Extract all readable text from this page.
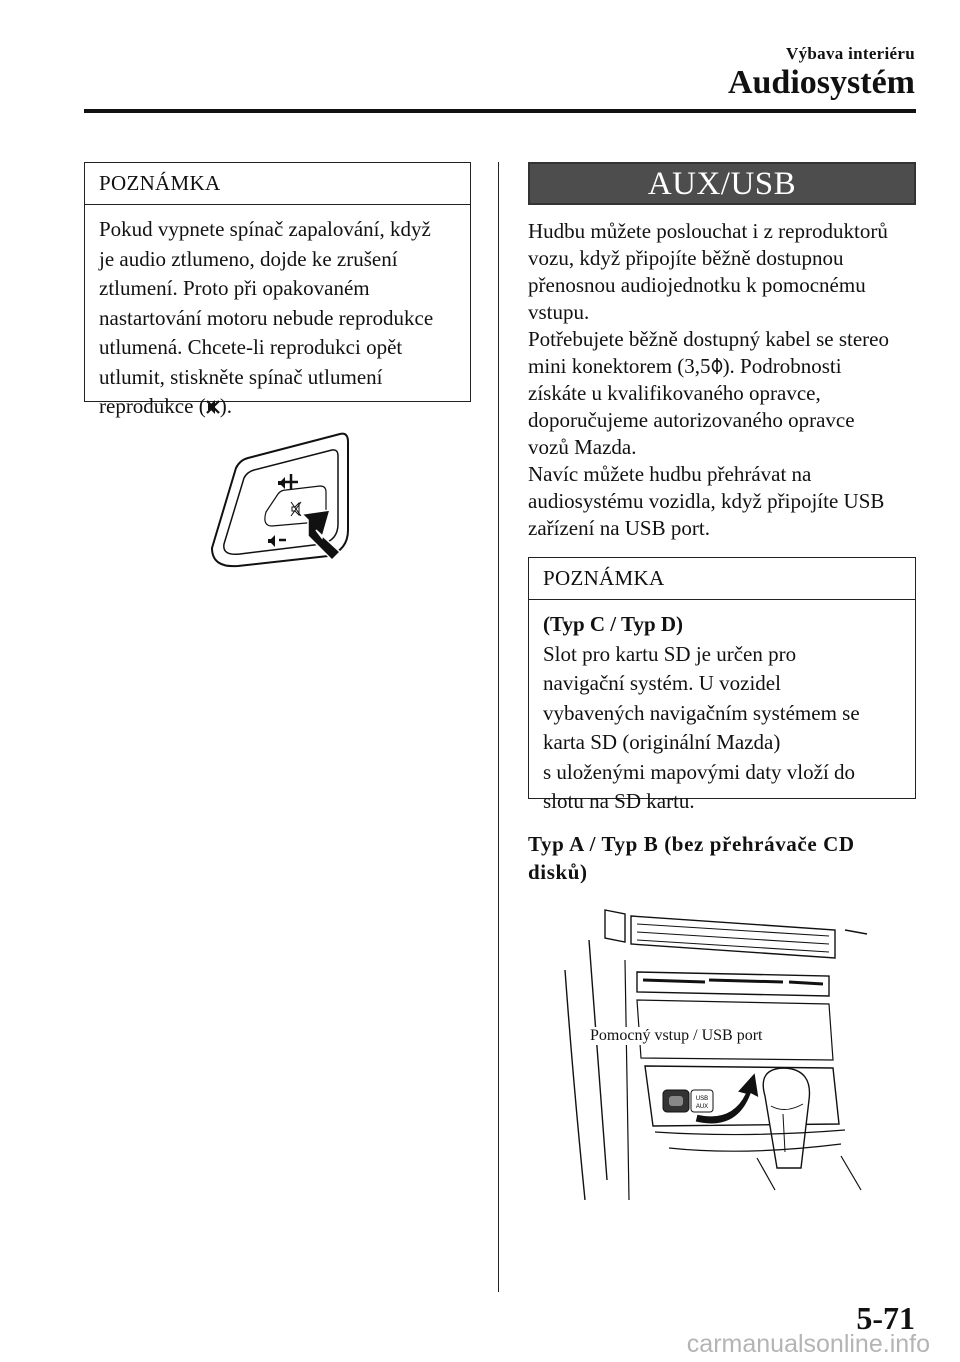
Výbava interiéru
Audiosystém
POZNÁMKA

Pokud vypnete spínač zapalování, když

je audio ztlumeno, dojde ke zrušení

ztlumení. Proto při opakovaném

nastartování motoru nebude reprodukce

utlumená. Chcete-li reprodukci opět

utlumit, stiskněte spínač utlumení

reprodukce ( ).

AUX/USB

Hudbu můžete poslouchat i z reproduktorů

vozu, když připojíte běžně dostupnou

přenosnou audiojednotku k pomocnému

vstupu.

Potřebujete běžně dostupný kabel se stereo

mini konektorem (3,5 ). Podrobnosti

získáte u kvalifikovaného opravce,

doporučujeme autorizovaného opravce

vozů Mazda.

Navíc můžete hudbu přehrávat na

audiosystému vozidla, když připojíte USB

zařízení na USB port.

POZNÁMKA

(Typ C / Typ D)

Slot pro kartu SD je určen pro

navigační systém. U vozidel

vybavených navigačním systémem se

karta SD (originální Mazda)

s uloženými mapovými daty vloží do

slotu na SD kartu.

Typ A / Typ B (bez přehrávače CD

disků)

USB
AUX
Pomocný vstup / USB port
5-71
carmanualsonline.info
